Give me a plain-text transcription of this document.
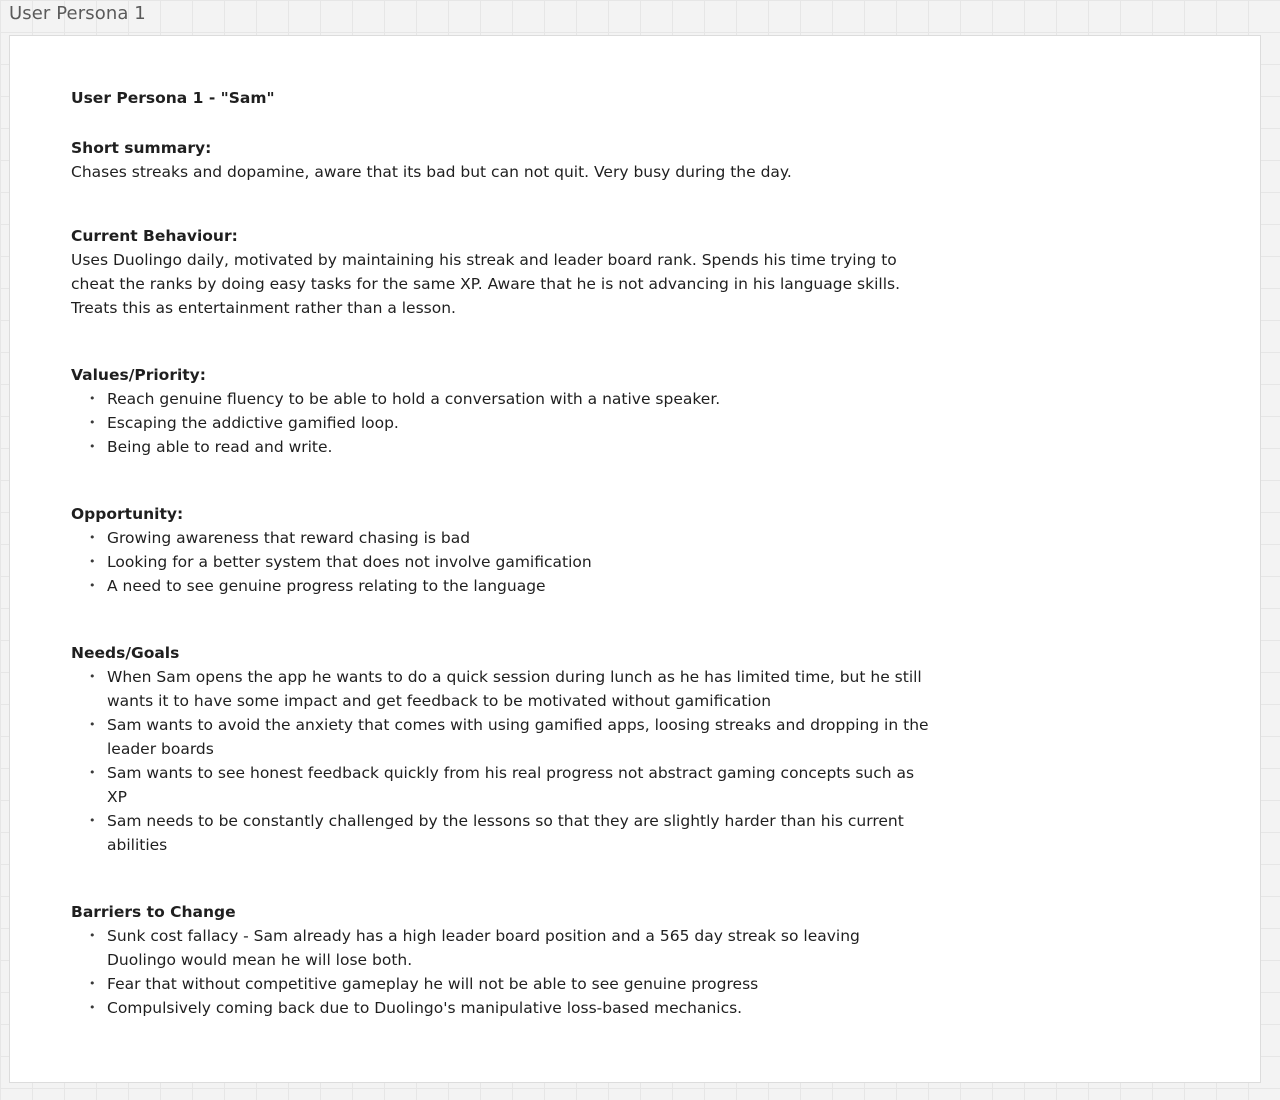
User Persona 1
User Persona 1 - "Sam"
Short summary:
Chases streaks and dopamine, aware that its bad but can not quit. Very busy during the day.
Current Behaviour:
Uses Duolingo daily, motivated by maintaining his streak and leader board rank. Spends his time trying to cheat the ranks by doing easy tasks for the same XP. Aware that he is not advancing in his language skills. Treats this as entertainment rather than a lesson.
Values/Priority:
• Reach genuine fluency to be able to hold a conversation with a native speaker.
• Escaping the addictive gamified loop.
• Being able to read and write.
Opportunity:
• Growing awareness that reward chasing is bad
• Looking for a better system that does not involve gamification
• A need to see genuine progress relating to the language
Needs/Goals
• When Sam opens the app he wants to do a quick session during lunch as he has limited time, but he still wants it to have some impact and get feedback to be motivated without gamification
• Sam wants to avoid the anxiety that comes with using gamified apps, loosing streaks and dropping in the leader boards
• Sam wants to see honest feedback quickly from his real progress not abstract gaming concepts such as XP
• Sam needs to be constantly challenged by the lessons so that they are slightly harder than his current abilities
Barriers to Change
• Sunk cost fallacy - Sam already has a high leader board position and a 565 day streak so leaving Duolingo would mean he will lose both.
• Fear that without competitive gameplay he will not be able to see genuine progress
• Compulsively coming back due to Duolingo's manipulative loss-based mechanics.
